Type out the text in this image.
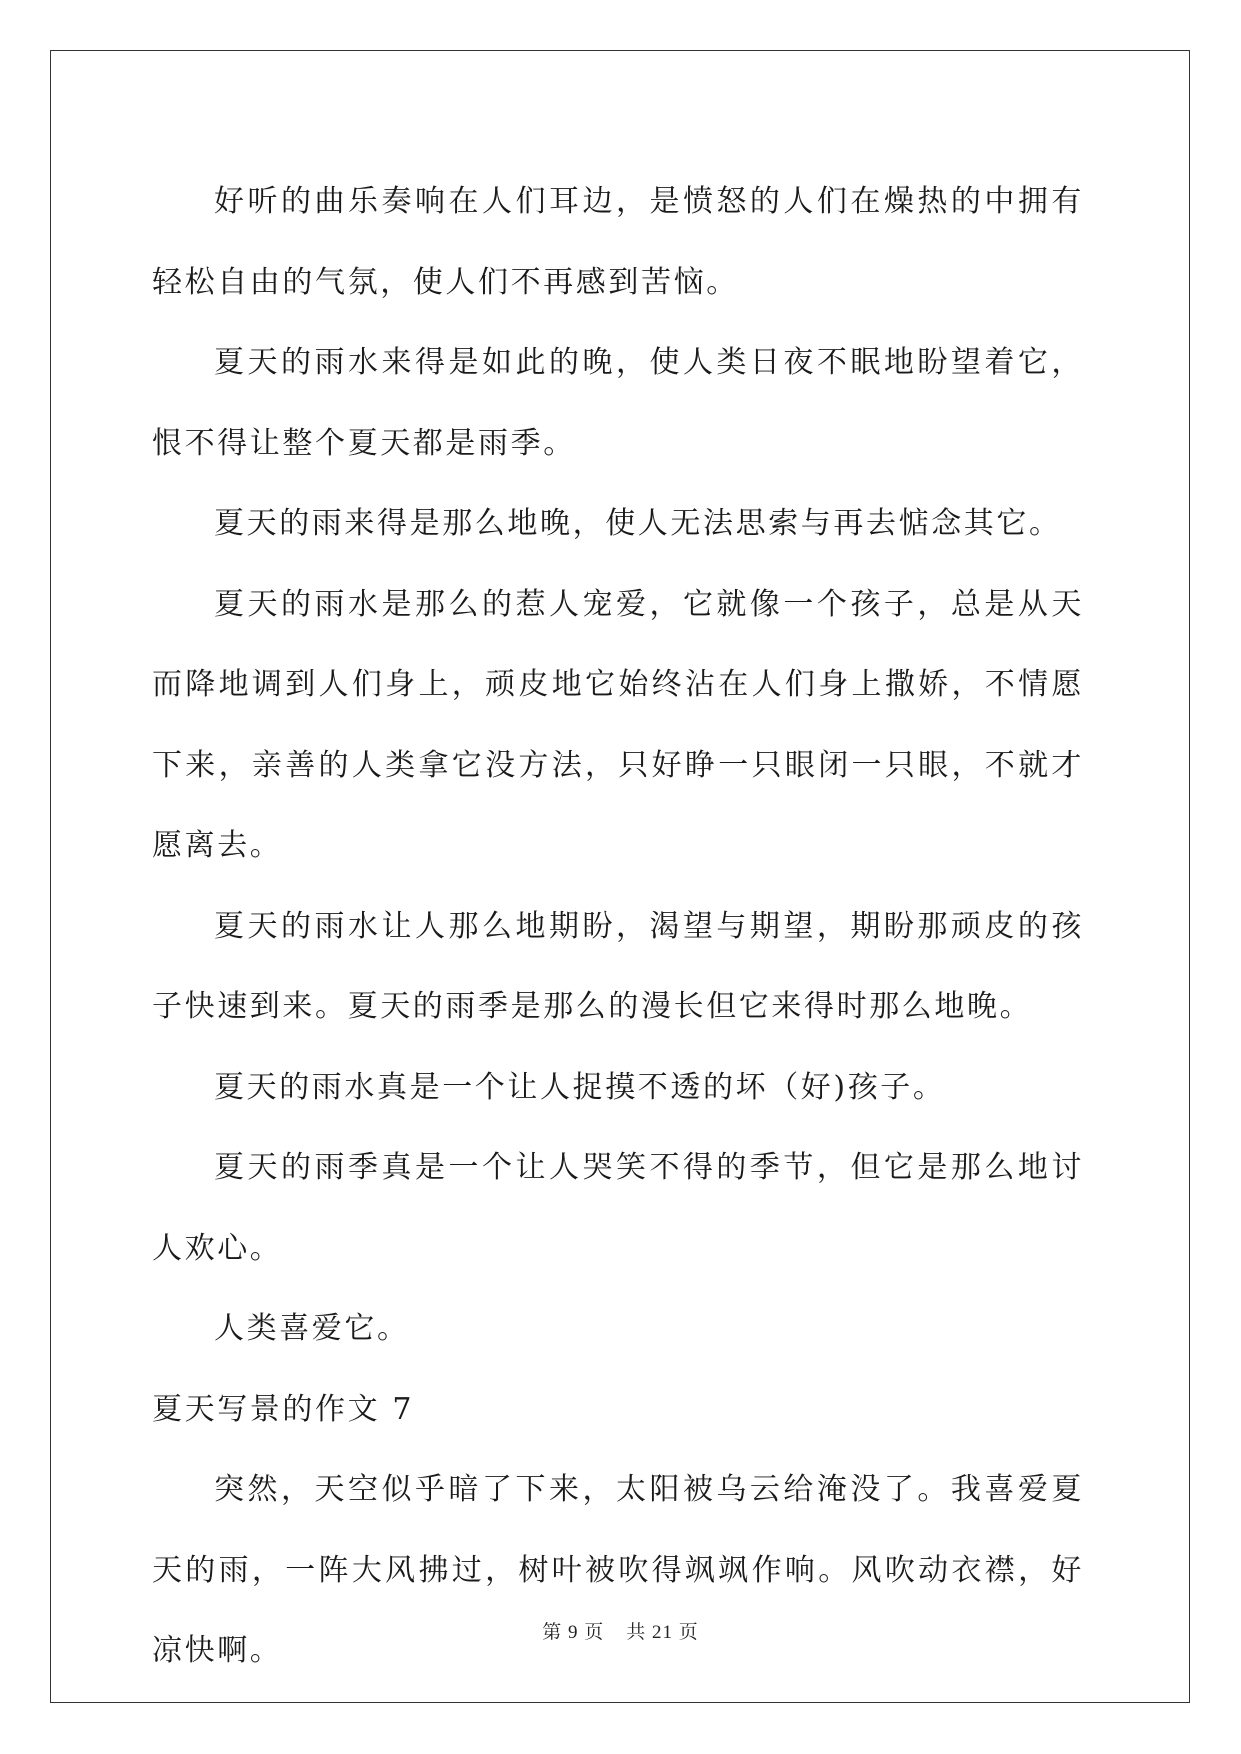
好听的曲乐奏响在人们耳边，是愤怒的人们在燥热的中拥有轻松自由的气氛，使人们不再感到苦恼。

夏天的雨水来得是如此的晚，使人类日夜不眠地盼望着它，恨不得让整个夏天都是雨季。

夏天的雨来得是那么地晚，使人无法思索与再去惦念其它。

夏天的雨水是那么的惹人宠爱，它就像一个孩子，总是从天而降地调到人们身上，顽皮地它始终沾在人们身上撒娇，不情愿下来，亲善的人类拿它没方法，只好睁一只眼闭一只眼，不就才愿离去。

夏天的雨水让人那么地期盼，渴望与期望，期盼那顽皮的孩子快速到来。夏天的雨季是那么的漫长但它来得时那么地晚。

夏天的雨水真是一个让人捉摸不透的坏（好)孩子。

夏天的雨季真是一个让人哭笑不得的季节，但它是那么地讨人欢心。

人类喜爱它。

夏天写景的作文 7

突然，天空似乎暗了下来，太阳被乌云给淹没了。我喜爱夏天的雨，一阵大风拂过，树叶被吹得飒飒作响。风吹动衣襟，好凉快啊。

第 9 页 共 21 页
